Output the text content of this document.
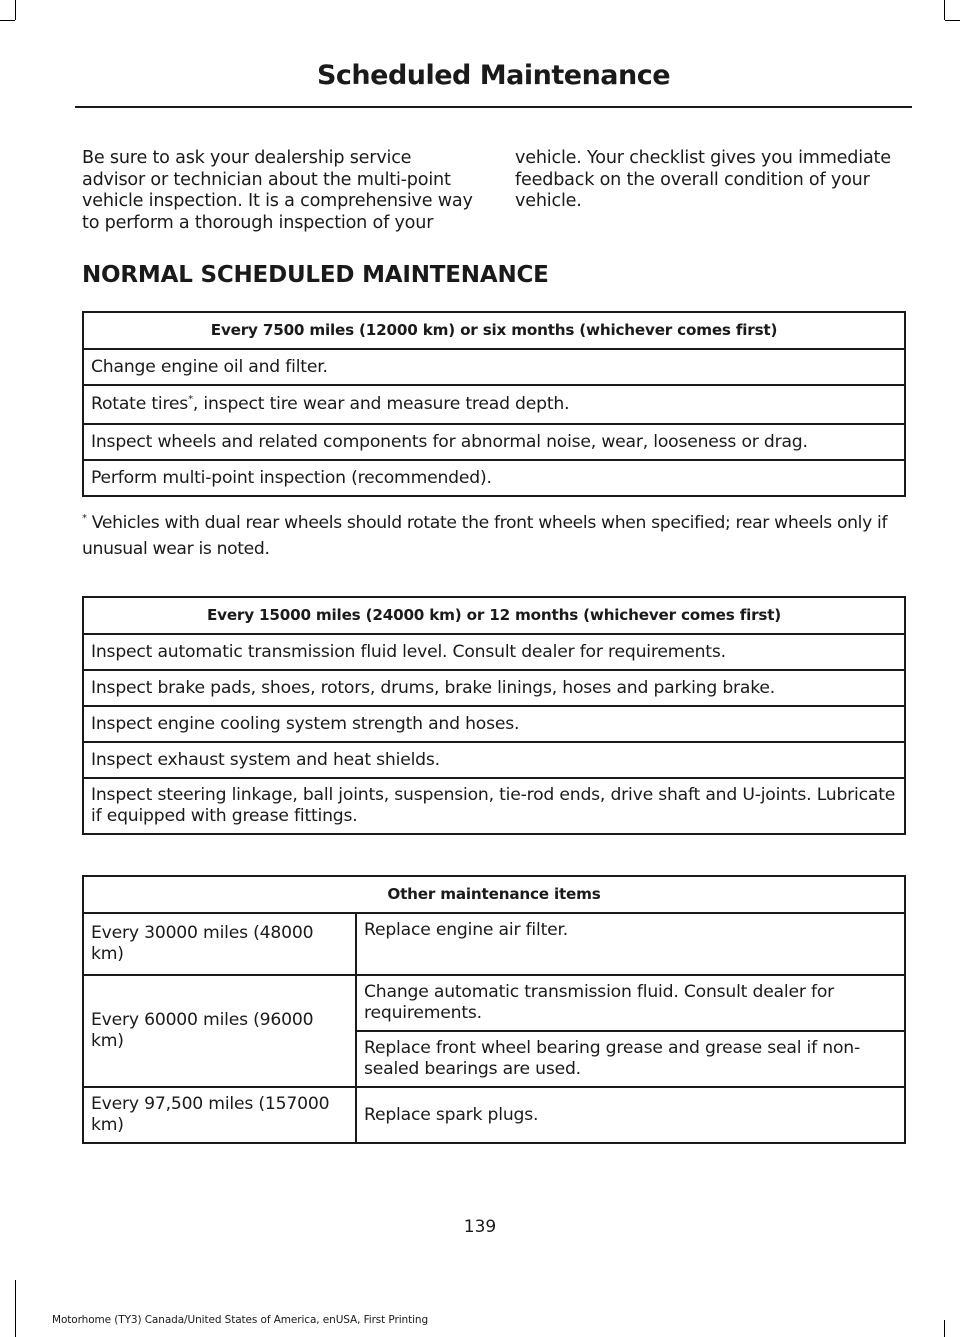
Scheduled Maintenance

Be sure to ask your dealership service advisor or technician about the multi-point vehicle inspection. It is a comprehensive way to perform a thorough inspection of your vehicle. Your checklist gives you immediate feedback on the overall condition of your vehicle.

NORMAL SCHEDULED MAINTENANCE
Every 7500 miles (12000 km) or six months (whichever comes first)
Change engine oil and filter.
Rotate tires*, inspect tire wear and measure tread depth.
Inspect wheels and related components for abnormal noise, wear, looseness or drag.
Perform multi-point inspection (recommended).
* Vehicles with dual rear wheels should rotate the front wheels when specified; rear wheels only if unusual wear is noted.
Every 15000 miles (24000 km) or 12 months (whichever comes first)
Inspect automatic transmission fluid level. Consult dealer for requirements.
Inspect brake pads, shoes, rotors, drums, brake linings, hoses and parking brake.
Inspect engine cooling system strength and hoses.
Inspect exhaust system and heat shields.
Inspect steering linkage, ball joints, suspension, tie-rod ends, drive shaft and U-joints. Lubricate if equipped with grease fittings.
Other maintenance items	
Every 30000 miles (48000 km)	Replace engine air filter.
Every 60000 miles (96000 km)	Change automatic transmission fluid. Consult dealer for requirements.
	Replace front wheel bearing grease and grease seal if non-sealed bearings are used.
Every 97,500 miles (157000 km)	Replace spark plugs.
139
Motorhome (TY3) Canada/United States of America, enUSA, First Printing
